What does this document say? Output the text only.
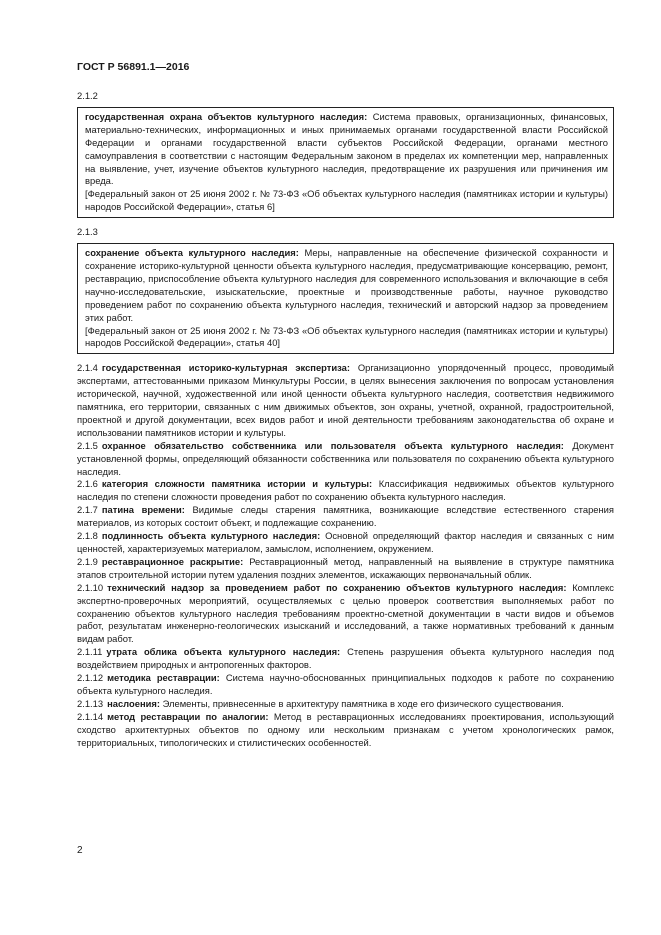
ГОСТ Р 56891.1—2016
2.1.2

государственная охрана объектов культурного наследия: Система правовых, организационных, финансовых, материально-технических, информационных и иных принимаемых органами государственной власти Российской Федерации и органами государственной власти субъектов Российской Федерации, органами местного самоуправления в соответствии с настоящим Федеральным законом в пределах их компетенции мер, направленных на выявление, учет, изучение объектов культурного наследия, предотвращение их разрушения или причинения им вреда.

[Федеральный закон от 25 июня 2002 г. № 73-ФЗ «Об объектах культурного наследия (памятниках истории и культуры) народов Российской Федерации», статья 6]

2.1.3

сохранение объекта культурного наследия: Меры, направленные на обеспечение физической сохранности и сохранение историко-культурной ценности объекта культурного наследия, предусматривающие консервацию, ремонт, реставрацию, приспособление объекта культурного наследия для современного использования и включающие в себя научно-исследовательские, изыскательские, проектные и производственные работы, научное руководство проведением работ по сохранению объекта культурного наследия, технический и авторский надзор за проведением этих работ.

[Федеральный закон от 25 июня 2002 г. № 73-ФЗ «Об объектах культурного наследия (памятниках истории и культуры) народов Российской Федерации», статья 40]

2.1.4 государственная историко-культурная экспертиза: Организационно упорядоченный процесс, проводимый экспертами, аттестованными приказом Минкультуры России, в целях вынесения заключения по вопросам установления исторической, научной, художественной или иной ценности объекта культурного наследия, соответствия недвижимого памятника, его территории, связанных с ним движимых объектов, зон охраны, учетной, охранной, градостроительной, проектной и другой документации, всех видов работ и иной деятельности требованиям законодательства об охране и использовании памятников истории и культуры.

2.1.5 охранное обязательство собственника или пользователя объекта культурного наследия: Документ установленной формы, определяющий обязанности собственника или пользователя по сохранению объекта культурного наследия.

2.1.6 категория сложности памятника истории и культуры: Классификация недвижимых объектов культурного наследия по степени сложности проведения работ по сохранению объекта культурного наследия.

2.1.7 патина времени: Видимые следы старения памятника, возникающие вследствие естественного старения материалов, из которых состоит объект, и подлежащие сохранению.

2.1.8 подлинность объекта культурного наследия: Основной определяющий фактор наследия и связанных с ним ценностей, характеризуемых материалом, замыслом, исполнением, окружением.

2.1.9 реставрационное раскрытие: Реставрационный метод, направленный на выявление в структуре памятника этапов строительной истории путем удаления поздних элементов, искажающих первоначальный облик.

2.1.10 технический надзор за проведением работ по сохранению объектов культурного наследия: Комплекс экспертно-проверочных мероприятий, осуществляемых с целью проверок соответствия выполняемых работ по сохранению объектов культурного наследия требованиям проектно-сметной документации в части видов и объемов работ, результатам инженерно-геологических изысканий и исследований, а также нормативных требований к данным видам работ.

2.1.11 утрата облика объекта культурного наследия: Степень разрушения объекта культурного наследия под воздействием природных и антропогенных факторов.

2.1.12 методика реставрации: Система научно-обоснованных принципиальных подходов к работе по сохранению объекта культурного наследия.

2.1.13 наслоения: Элементы, привнесенные в архитектуру памятника в ходе его физического существования.

2.1.14 метод реставрации по аналогии: Метод в реставрационных исследованиях проектирования, использующий сходство архитектурных объектов по одному или нескольким признакам с учетом хронологических рамок, территориальных, типологических и стилистических особенностей.

2
